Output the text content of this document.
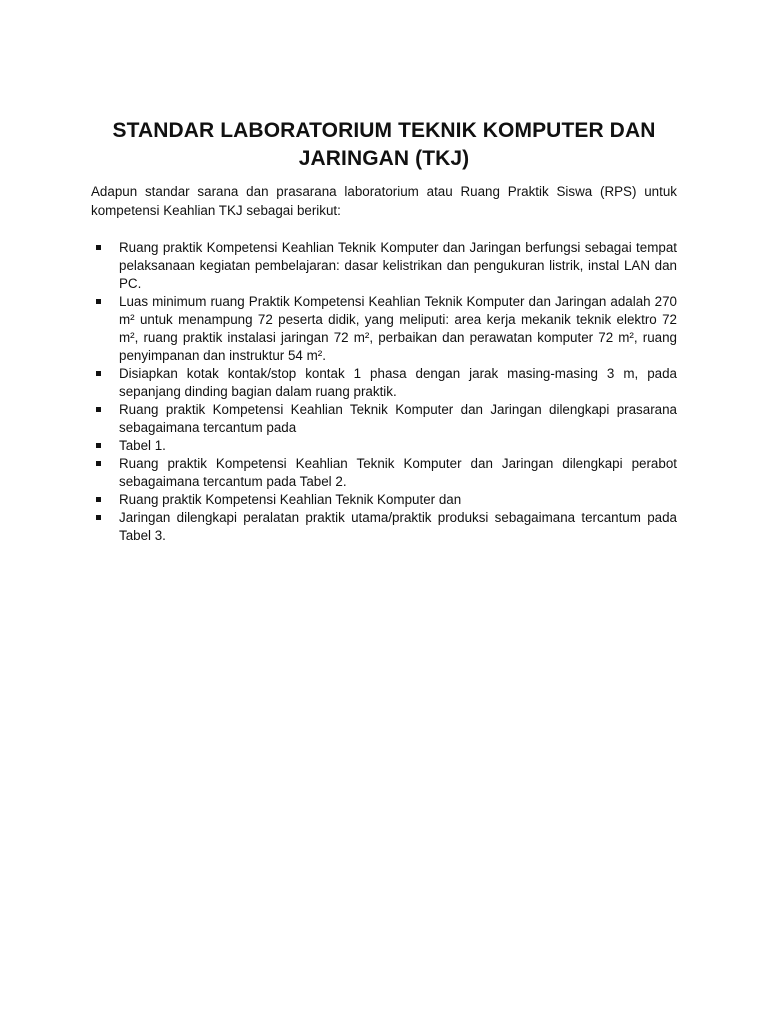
STANDAR LABORATORIUM TEKNIK KOMPUTER DAN
JARINGAN (TKJ)

Adapun standar sarana dan prasarana laboratorium atau Ruang Praktik Siswa (RPS) untuk kompetensi Keahlian TKJ sebagai berikut:

Ruang praktik Kompetensi Keahlian Teknik Komputer dan Jaringan berfungsi sebagai tempat pelaksanaan kegiatan pembelajaran: dasar kelistrikan dan pengukuran listrik, instal LAN dan PC.
Luas minimum ruang Praktik Kompetensi Keahlian Teknik Komputer dan Jaringan adalah 270 m² untuk menampung 72 peserta didik, yang meliputi: area kerja mekanik teknik elektro 72 m², ruang praktik instalasi jaringan 72 m², perbaikan dan perawatan komputer 72 m², ruang penyimpanan dan instruktur 54 m².
Disiapkan kotak kontak/stop kontak 1 phasa dengan jarak masing-masing 3 m, pada sepanjang dinding bagian dalam ruang praktik.
Ruang praktik Kompetensi Keahlian Teknik Komputer dan Jaringan dilengkapi prasarana sebagaimana tercantum pada
Tabel 1.
Ruang praktik Kompetensi Keahlian Teknik Komputer dan Jaringan dilengkapi perabot sebagaimana tercantum pada Tabel 2.
Ruang praktik Kompetensi Keahlian Teknik Komputer dan
Jaringan dilengkapi peralatan praktik utama/praktik produksi sebagaimana tercantum pada Tabel 3.
